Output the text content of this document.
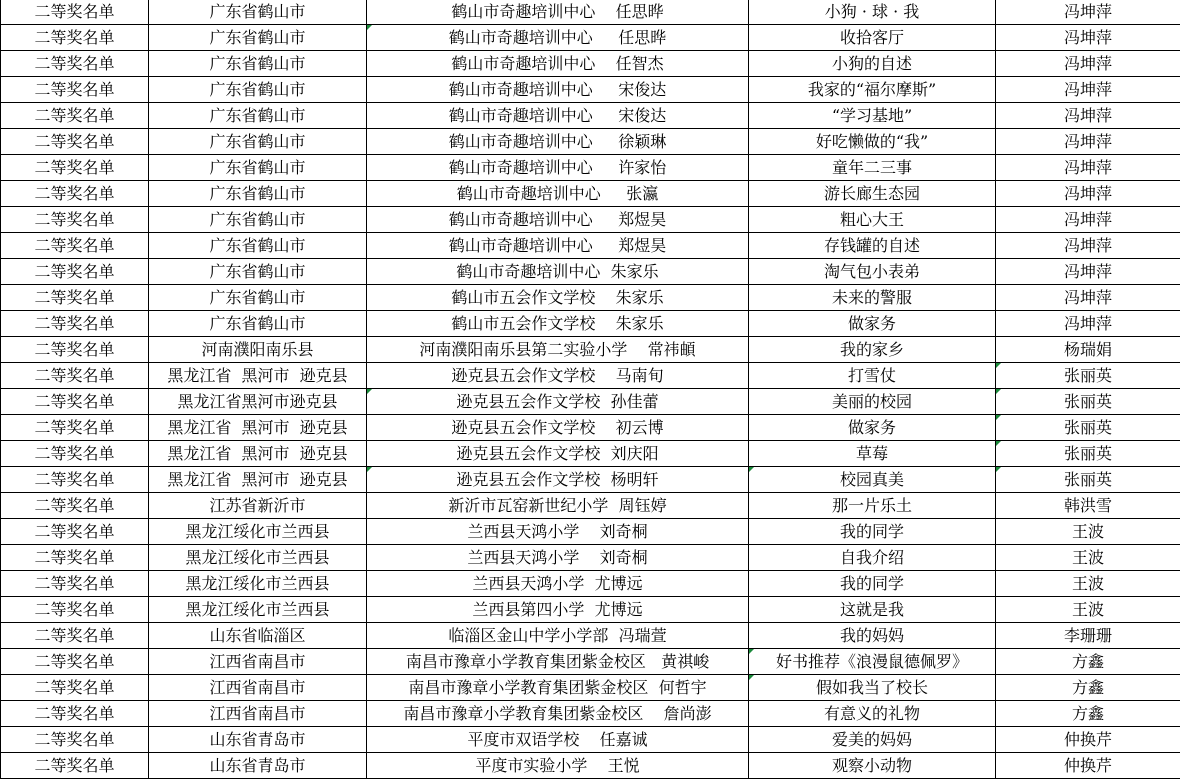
二等奖名单	广东省鹤山市	鹤山市奇趣培训中心    任思晔	小狗 · 球 · 我	冯坤萍
二等奖名单	广东省鹤山市	鹤山市奇趣培训中心     任思晔	收拾客厅	冯坤萍
二等奖名单	广东省鹤山市	鹤山市奇趣培训中心    任智杰	小狗的自述	冯坤萍
二等奖名单	广东省鹤山市	鹤山市奇趣培训中心     宋俊达	我家的“福尔摩斯”	冯坤萍
二等奖名单	广东省鹤山市	鹤山市奇趣培训中心     宋俊达	“学习基地”	冯坤萍
二等奖名单	广东省鹤山市	鹤山市奇趣培训中心     徐颖琳	好吃懒做的“我”	冯坤萍
二等奖名单	广东省鹤山市	鹤山市奇趣培训中心     许家怡	童年二三事	冯坤萍
二等奖名单	广东省鹤山市	鹤山市奇趣培训中心     张瀛	游长廊生态园	冯坤萍
二等奖名单	广东省鹤山市	鹤山市奇趣培训中心     郑煜昊	粗心大王	冯坤萍
二等奖名单	广东省鹤山市	鹤山市奇趣培训中心     郑煜昊	存钱罐的自述	冯坤萍
二等奖名单	广东省鹤山市	鹤山市奇趣培训中心  朱家乐	淘气包小表弟	冯坤萍
二等奖名单	广东省鹤山市	鹤山市五会作文学校    朱家乐	未来的警服	冯坤萍
二等奖名单	广东省鹤山市	鹤山市五会作文学校    朱家乐	做家务	冯坤萍
二等奖名单	河南濮阳南乐县	河南濮阳南乐县第二实验小学    常祎頔	我的家乡	杨瑞娟
二等奖名单	黑龙江省  黑河市  逊克县	逊克县五会作文学校    马南旬	打雪仗	张丽英
二等奖名单	黑龙江省黑河市逊克县	逊克县五会作文学校  孙佳蕾	美丽的校园	张丽英
二等奖名单	黑龙江省  黑河市  逊克县	逊克县五会作文学校    初云博	做家务	张丽英
二等奖名单	黑龙江省  黑河市  逊克县	逊克县五会作文学校  刘庆阳	草莓	张丽英
二等奖名单	黑龙江省  黑河市  逊克县	逊克县五会作文学校  杨明轩	校园真美	张丽英
二等奖名单	江苏省新沂市	新沂市瓦窑新世纪小学  周钰婷	那一片乐土	韩洪雪
二等奖名单	黑龙江绥化市兰西县	兰西县天鸿小学    刘奇桐	我的同学	王波
二等奖名单	黑龙江绥化市兰西县	兰西县天鸿小学    刘奇桐	自我介绍	王波
二等奖名单	黑龙江绥化市兰西县	兰西县天鸿小学  尤博远	我的同学	王波
二等奖名单	黑龙江绥化市兰西县	兰西县第四小学  尤博远	这就是我	王波
二等奖名单	山东省临淄区	临淄区金山中学小学部  冯瑞萱	我的妈妈	李珊珊
二等奖名单	江西省南昌市	南昌市豫章小学教育集团紫金校区   黄祺峻	好书推荐《浪漫鼠德佩罗》	方鑫
二等奖名单	江西省南昌市	南昌市豫章小学教育集团紫金校区  何哲宇	假如我当了校长	方鑫
二等奖名单	江西省南昌市	南昌市豫章小学教育集团紫金校区    詹尚澎	有意义的礼物	方鑫
二等奖名单	山东省青岛市	平度市双语学校    任嘉诚	爱美的妈妈	仲换芹
二等奖名单	山东省青岛市	平度市实验小学    王悦	观察小动物	仲换芹
